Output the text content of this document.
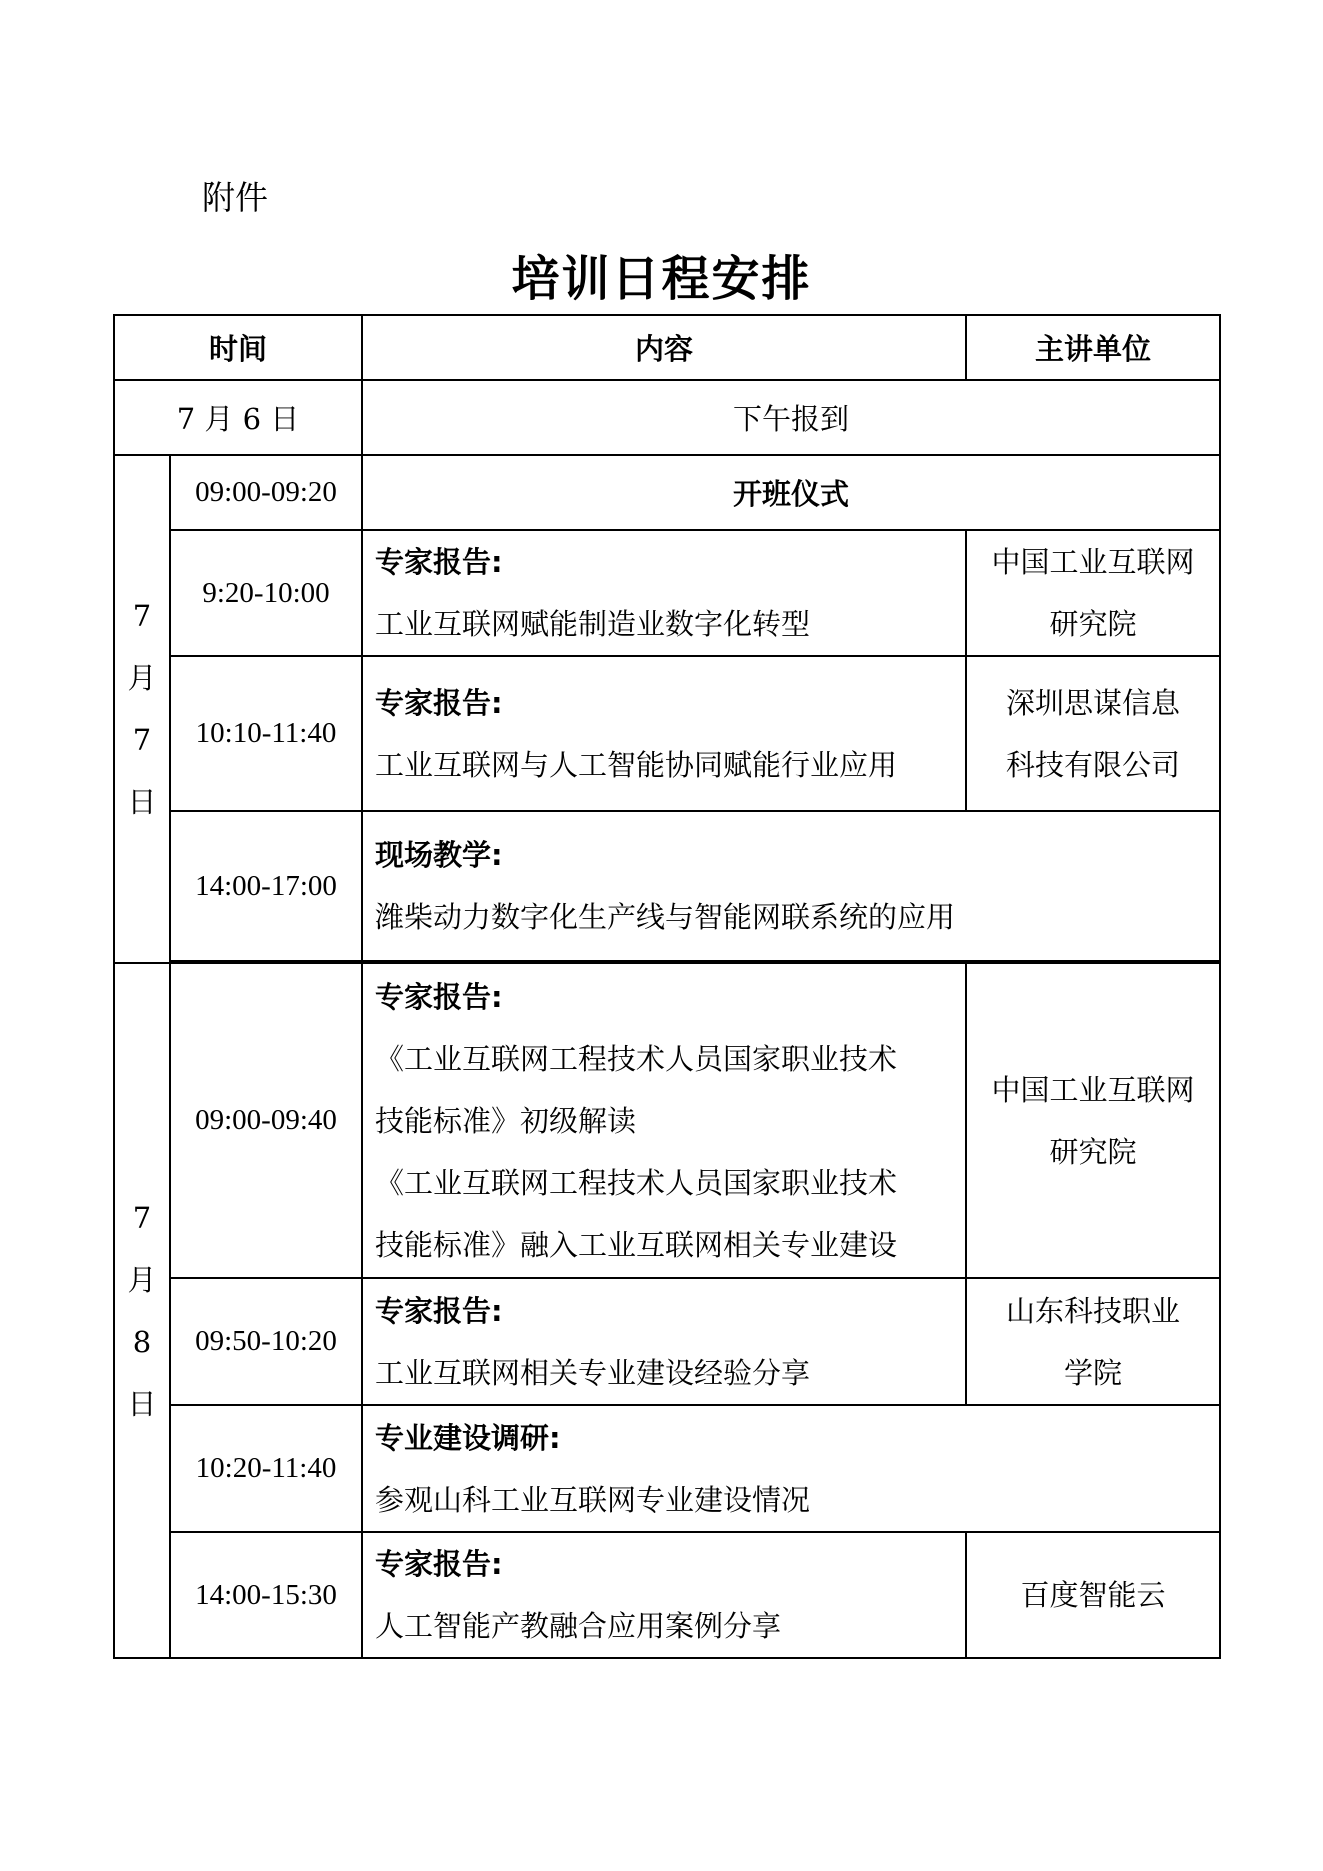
附件
培训日程安排
时间		内容	主讲单位
7 月 6 日		下午报到	

7
月
7
日	09:00-09:20	开班仪式	
	9:20-10:00	专家报告:
工业互联网赋能制造业数字化转型	中国工业互联网
研究院

	10:10-11:40	专家报告:
工业互联网与人工智能协同赋能行业应用	深圳思谋信息
科技有限公司

	14:00-17:00	现场教学:
潍柴动力数字化生产线与智能网联系统的应用	

7
月
8
日	09:00-09:40	专家报告:
《工业互联网工程技术人员国家职业技术
技能标准》初级解读
《工业互联网工程技术人员国家职业技术
技能标准》融入工业互联网相关专业建设	中国工业互联网
研究院

	09:50-10:20	专家报告:
工业互联网相关专业建设经验分享	山东科技职业
学院

	10:20-11:40	专业建设调研:
参观山科工业互联网专业建设情况	

	14:00-15:30	专家报告:
人工智能产教融合应用案例分享	百度智能云
